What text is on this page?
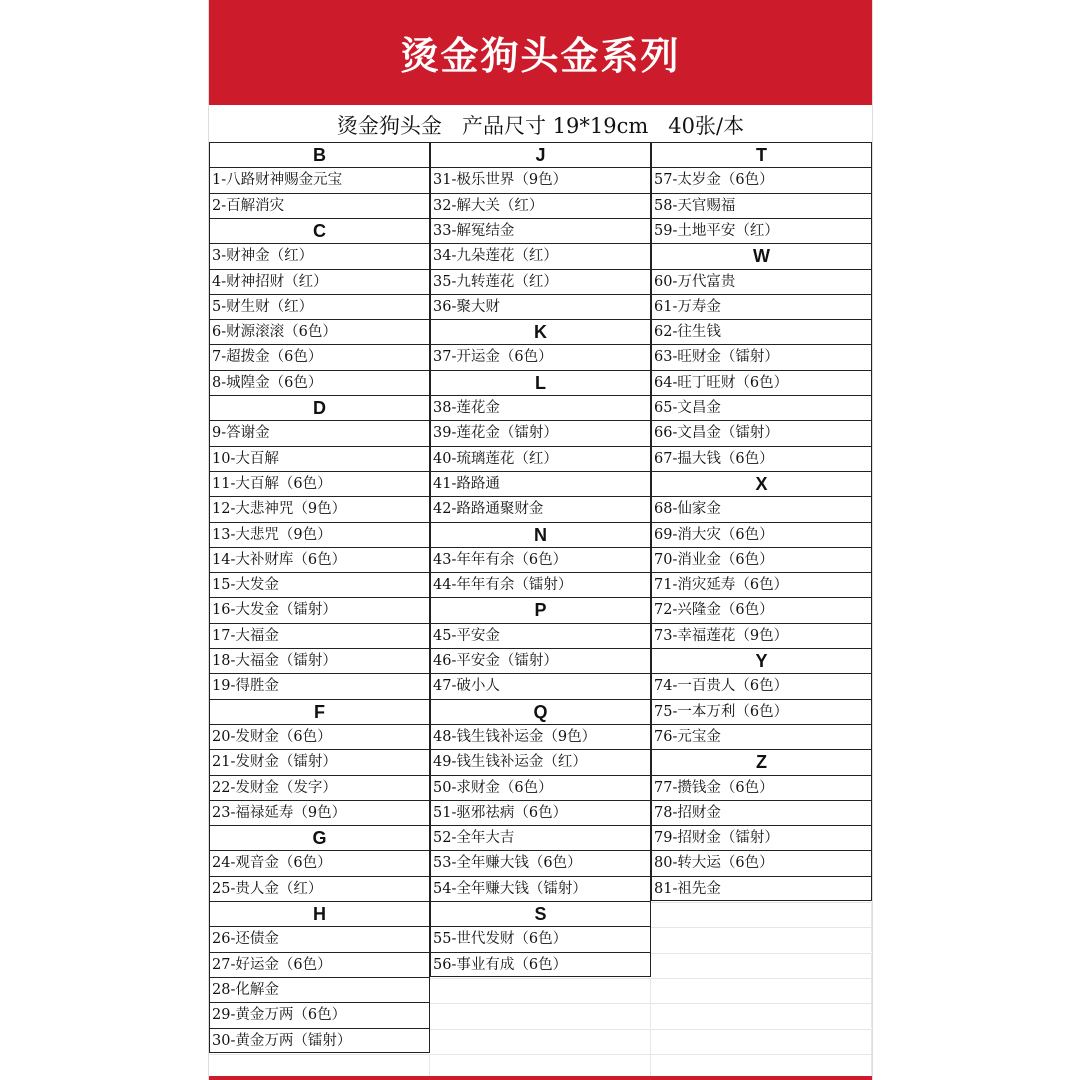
烫金狗头金系列
烫金狗头金   产品尺寸 19*19cm   40张/本
B
1-八路财神赐金元宝
2-百解消灾
C
3-财神金（红）
4-财神招财（红）
5-财生财（红）
6-财源滚滚（6色）
7-超拨金（6色）
8-城隍金（6色）
D
9-答谢金
10-大百解
11-大百解（6色）
12-大悲神咒（9色）
13-大悲咒（9色）
14-大补财库（6色）
15-大发金
16-大发金（镭射）
17-大福金
18-大福金（镭射）
19-得胜金
F
20-发财金（6色）
21-发财金（镭射）
22-发财金（发字）
23-福禄延寿（9色）
G
24-观音金（6色）
25-贵人金（红）
H
26-还债金
27-好运金（6色）
28-化解金
29-黄金万两（6色）
30-黄金万两（镭射）
J
31-极乐世界（9色）
32-解大关（红）
33-解冤结金
34-九朵莲花（红）
35-九转莲花（红）
36-聚大财
K
37-开运金（6色）
L
38-莲花金
39-莲花金（镭射）
40-琉璃莲花（红）
41-路路通
42-路路通聚财金
N
43-年年有余（6色）
44-年年有余（镭射）
P
45-平安金
46-平安金（镭射）
47-破小人
Q
48-钱生钱补运金（9色）
49-钱生钱补运金（红）
50-求财金（6色）
51-驱邪祛病（6色）
52-全年大吉
53-全年赚大钱（6色）
54-全年赚大钱（镭射）
S
55-世代发财（6色）
56-事业有成（6色）
T
57-太岁金（6色）
58-天官赐福
59-土地平安（红）
W
60-万代富贵
61-万寿金
62-往生钱
63-旺财金（镭射）
64-旺丁旺财（6色）
65-文昌金
66-文昌金（镭射）
67-揾大钱（6色）
X
68-仙家金
69-消大灾（6色）
70-消业金（6色）
71-消灾延寿（6色）
72-兴隆金（6色）
73-幸福莲花（9色）
Y
74-一百贵人（6色）
75-一本万利（6色）
76-元宝金
Z
77-攒钱金（6色）
78-招财金
79-招财金（镭射）
80-转大运（6色）
81-祖先金
